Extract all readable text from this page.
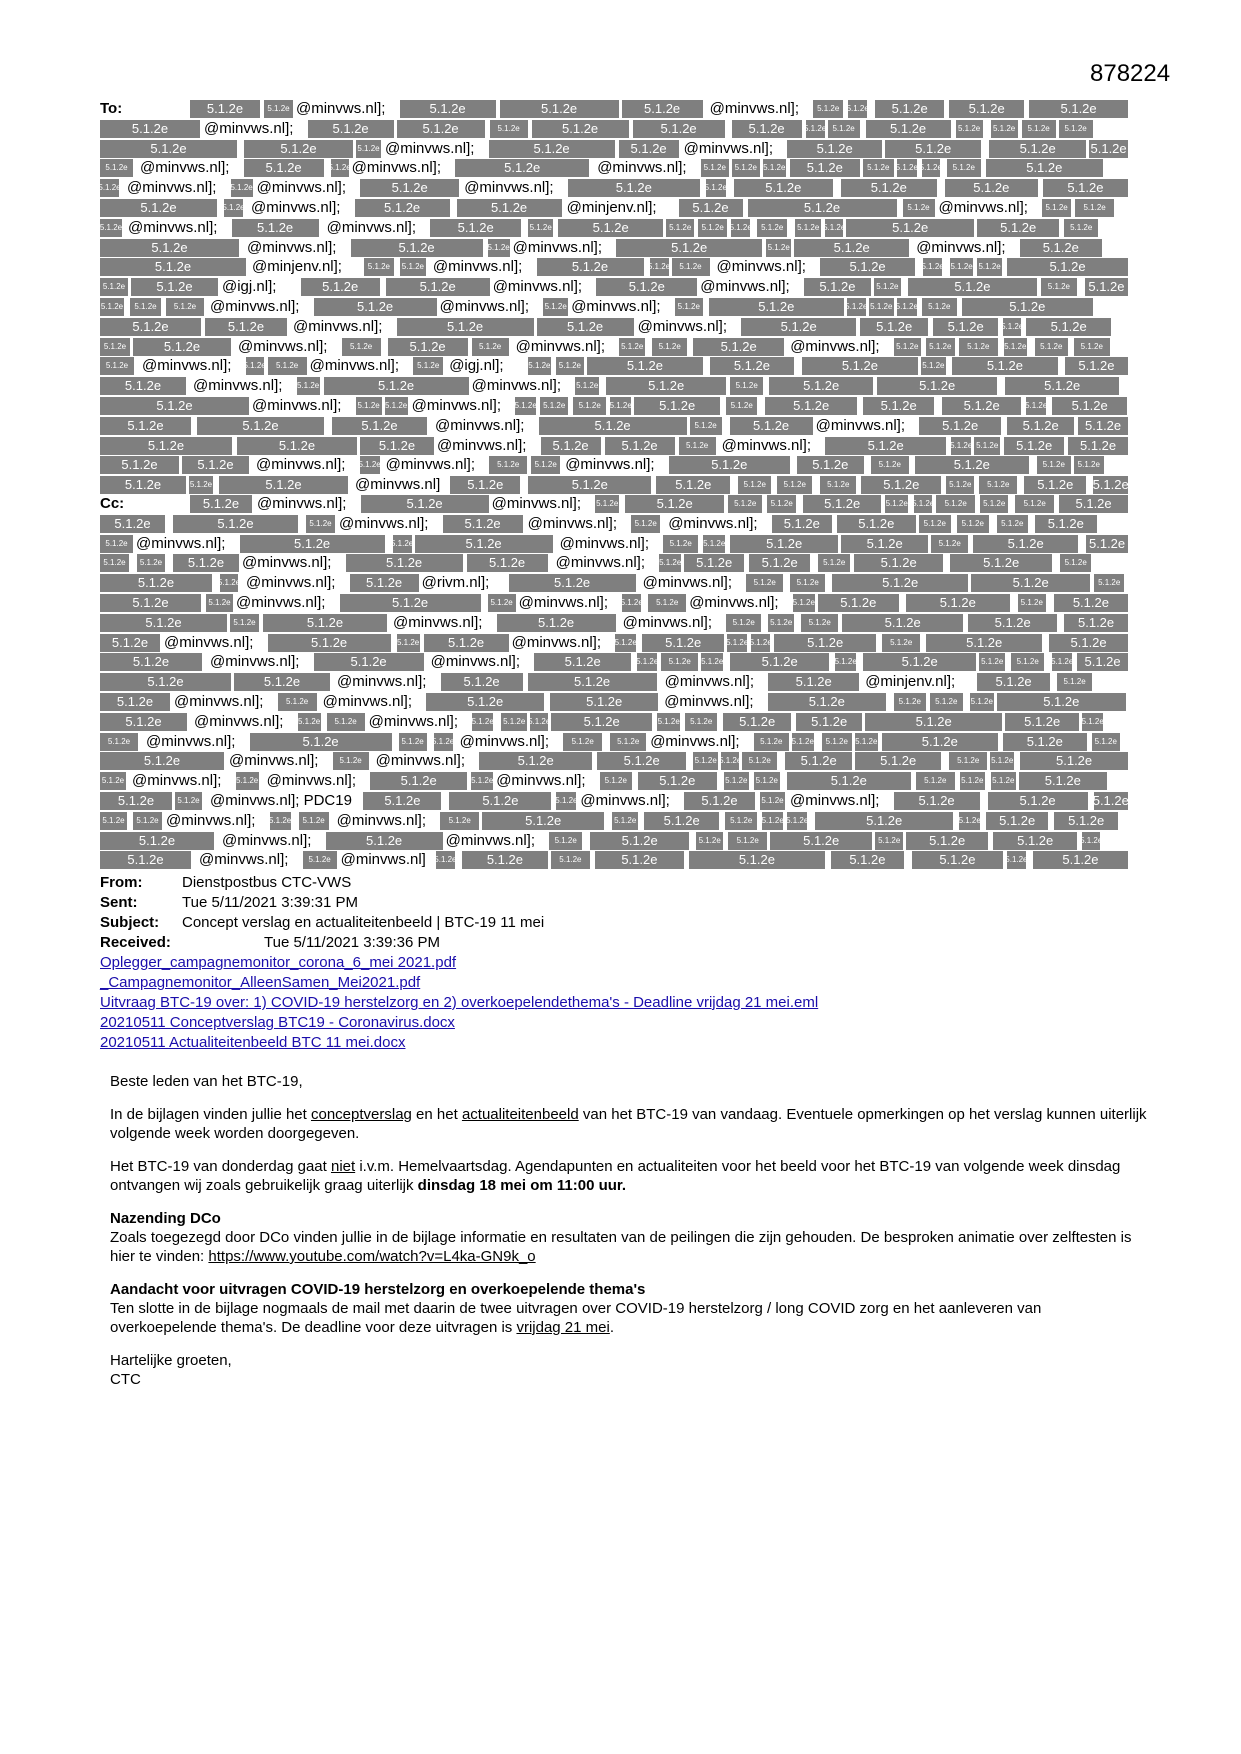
878224
5.1.2e	5.1.2e @minvws.nl];	5.1.2e	5.1.2e	5.1.2e	@minvws.nl];	5.1.2e 5.1.2e	5.1.2e	5.1.2e	5.1.2e
5.1.2e	@minvws.nl];	5.1.2e	5.1.2e	5.1.2e	5.1.2e	5.1.2e	5.1.2e	5.1.2e 5.1.2e	5.1.2e	5.1.2e 5.1.2e	5.1.2e	5.1.2e
5.1.2e	5.1.2e	5.1.2e @minvws.nl];	5.1.2e	5.1.2e	@minvws.nl];	5.1.2e	5.1.2e	5.1.2e	5.1.2e
5.1.2e @minvws.nl];	5.1.2e	5.1.2e @minvws.nl];	5.1.2e	@minvws.nl];	5.1.2e	5.1.2e 5.1.2e	5.1.2e	5.1.2e 5.1.2e 5.1.2e	5.1.2e	5.1.2e
5.1.2e @minvws.nl]; 5.1.2e @minvws.nl];	5.1.2e	@minvws.nl];	5.1.2e	5.1.2e	5.1.2e	5.1.2e	5.1.2e	5.1.2e
5.1.2e	5.1.2e @minvws.nl];	5.1.2e	5.1.2e	@minjenv.nl];	5.1.2e	5.1.2e	5.1.2e @minvws.nl];	5.1.2e	5.1.2e
5.1.2e @minvws.nl];	5.1.2e	@minvws.nl];	5.1.2e	5.1.2e	5.1.2e	5.1.2e	5.1.2e 5.1.2e	5.1.2e	5.1.2e 5.1.2e	5.1.2e	5.1.2e	5.1.2e
5.1.2e	@minvws.nl];	5.1.2e	5.1.2e @minvws.nl];	5.1.2e	5.1.2e	5.1.2e	@minvws.nl];	5.1.2e
5.1.2e	@minjenv.nl];	5.1.2e	5.1.2e @minvws.nl];	5.1.2e	5.1.2e	5.1.2e @minvws.nl];	5.1.2e	5.1.2e 5.1.2e 5.1.2e	5.1.2e
5.1.2e	5.1.2e	@igj.nl];	5.1.2e	5.1.2e	@minvws.nl];	5.1.2e	@minvws.nl];	5.1.2e	5.1.2e	5.1.2e	5.1.2e	5.1.2e
5.1.2e	5.1.2e	5.1.2e @minvws.nl];	5.1.2e	@minvws.nl]; 5.1.2e @minvws.nl];	5.1.2e	5.1.2e	5.1.2e 5.1.2e 5.1.2e	5.1.2e	5.1.2e
5.1.2e	5.1.2e	@minvws.nl];	5.1.2e	5.1.2e	@minvws.nl];	5.1.2e	5.1.2e	5.1.2e	5.1.2e	5.1.2e
5.1.2e	5.1.2e	@minvws.nl];	5.1.2e	5.1.2e	5.1.2e @minvws.nl]; 5.1.2e	5.1.2e	5.1.2e	@minvws.nl]; 5.1.2e	5.1.2e	5.1.2e	5.1.2e	5.1.2e	5.1.2e
5.1.2e @minvws.nl]; 5.1.2e	5.1.2e @minvws.nl];	5.1.2e @igj.nl];	5.1.2e	5.1.2e	5.1.2e	5.1.2e	5.1.2e	5.1.2e	5.1.2e	5.1.2e
5.1.2e	@minvws.nl]; 5.1.2e	5.1.2e	@minvws.nl]; 5.1.2e	5.1.2e	5.1.2e	5.1.2e	5.1.2e	5.1.2e
5.1.2e	@minvws.nl]; 5.1.2e 5.1.2e @minvws.nl]; 5.1.2e 5.1.2e	5.1.2e	5.1.2e	5.1.2e	5.1.2e	5.1.2e	5.1.2e	5.1.2e	5.1.2e	5.1.2e
5.1.2e	5.1.2e	5.1.2e	@minvws.nl];	5.1.2e	5.1.2e	5.1.2e	@minvws.nl];	5.1.2e	5.1.2e	5.1.2e
5.1.2e	5.1.2e	5.1.2e	@minvws.nl];	5.1.2e	5.1.2e	5.1.2e @minvws.nl];	5.1.2e	5.1.2e 5.1.2e	5.1.2e	5.1.2e
5.1.2e	5.1.2e	@minvws.nl]; 5.1.2e @minvws.nl];	5.1.2e	5.1.2e @minvws.nl];	5.1.2e	5.1.2e	5.1.2e	5.1.2e	5.1.2e	5.1.2e
5.1.2e	5.1.2e	5.1.2e	@minvws.nl]	5.1.2e	5.1.2e	5.1.2e	5.1.2e	5.1.2e	5.1.2e	5.1.2e	5.1.2e	5.1.2e	5.1.2e	5.1.2e
5.1.2e	@minvws.nl];	5.1.2e	@minvws.nl]; 5.1.2e	5.1.2e	5.1.2e	5.1.2e	5.1.2e	5.1.2e 5.1.2e	5.1.2e	5.1.2e	5.1.2e	5.1.2e
5.1.2e	5.1.2e	5.1.2e @minvws.nl];	5.1.2e	@minvws.nl];	5.1.2e @minvws.nl];	5.1.2e	5.1.2e	5.1.2e	5.1.2e	5.1.2e	5.1.2e
5.1.2e @minvws.nl];	5.1.2e	5.1.2e	5.1.2e	@minvws.nl];	5.1.2e	5.1.2e	5.1.2e	5.1.2e	5.1.2e	5.1.2e	5.1.2e
5.1.2e	5.1.2e	5.1.2e	@minvws.nl];	5.1.2e	5.1.2e	@minvws.nl]; 5.1.2e	5.1.2e	5.1.2e	5.1.2e	5.1.2e	5.1.2e	5.1.2e
5.1.2e	5.1.2e @minvws.nl];	5.1.2e	@rivm.nl];	5.1.2e	@minvws.nl];	5.1.2e	5.1.2e	5.1.2e	5.1.2e	5.1.2e
5.1.2e	5.1.2e @minvws.nl];	5.1.2e	5.1.2e @minvws.nl]; 5.1.2e	5.1.2e @minvws.nl]; 5.1.2e	5.1.2e	5.1.2e	5.1.2e	5.1.2e
5.1.2e	5.1.2e	5.1.2e	@minvws.nl];	5.1.2e	@minvws.nl];	5.1.2e	5.1.2e	5.1.2e	5.1.2e	5.1.2e	5.1.2e
5.1.2e	@minvws.nl];	5.1.2e	5.1.2e	5.1.2e	@minvws.nl]; 5.1.2e	5.1.2e	5.1.2e 5.1.2e	5.1.2e	5.1.2e	5.1.2e	5.1.2e
5.1.2e	@minvws.nl];	5.1.2e	@minvws.nl];	5.1.2e	5.1.2e	5.1.2e	5.1.2e	5.1.2e	5.1.2e	5.1.2e	5.1.2e	5.1.2e	5.1.2e 5.1.2e
5.1.2e	5.1.2e	@minvws.nl];	5.1.2e	5.1.2e	@minvws.nl];	5.1.2e	@minjenv.nl];	5.1.2e	5.1.2e
5.1.2e	@minvws.nl];	5.1.2e @minvws.nl];	5.1.2e	5.1.2e	@minvws.nl];	5.1.2e	5.1.2e	5.1.2e	5.1.2e	5.1.2e
5.1.2e	@minvws.nl]; 5.1.2e	5.1.2e @minvws.nl]; 5.1.2e 5.1.2e 5.1.2e	5.1.2e	5.1.2e	5.1.2e	5.1.2e	5.1.2e	5.1.2e	5.1.2e	5.1.2e
5.1.2e	@minvws.nl];	5.1.2e	5.1.2e	5.1.2e @minvws.nl];	5.1.2e	5.1.2e @minvws.nl];	5.1.2e	5.1.2e	5.1.2e 5.1.2e	5.1.2e	5.1.2e	5.1.2e
5.1.2e	@minvws.nl];	5.1.2e @minvws.nl];	5.1.2e	5.1.2e	5.1.2e 5.1.2e 5.1.2e	5.1.2e	5.1.2e	5.1.2e	5.1.2e	5.1.2e
5.1.2e @minvws.nl]; 5.1.2e @minvws.nl];	5.1.2e	5.1.2e @minvws.nl];	5.1.2e	5.1.2e	5.1.2e 5.1.2e	5.1.2e	5.1.2e	5.1.2e 5.1.2e	5.1.2e
5.1.2e	5.1.2e @minvws.nl]; PDC19	5.1.2e	5.1.2e	5.1.2e @minvws.nl];	5.1.2e	5.1.2e @minvws.nl];	5.1.2e	5.1.2e	5.1.2e
5.1.2e	5.1.2e @minvws.nl]; 5.1.2e	5.1.2e @minvws.nl];	5.1.2e	5.1.2e	5.1.2e	5.1.2e	5.1.2e	5.1.2e 5.1.2e	5.1.2e	5.1.2e	5.1.2e	5.1.2e
5.1.2e	@minvws.nl];	5.1.2e	@minvws.nl];	5.1.2e	5.1.2e	5.1.2e	5.1.2e	5.1.2e	5.1.2e	5.1.2e	5.1.2e	5.1.2e
5.1.2e	@minvws.nl];	5.1.2e @minvws.nl] 5.1.2e	5.1.2e	5.1.2e	5.1.2e	5.1.2e	5.1.2e	5.1.2e	5.1.2e	5.1.2e
To:
Cc:
From:	Dienstpostbus CTC-VWS
Sent:	Tue 5/11/2021 3:39:31 PM
Subject: Concept verslag en actualiteitenbeeld | BTC-19 11 mei
Received:	Tue 5/11/2021 3:39:36 PM
Oplegger_campagnemonitor_corona_6_mei 2021.pdf
_Campagnemonitor_AlleenSamen_Mei2021.pdf
Uitvraag BTC-19 over: 1) COVID-19 herstelzorg en 2) overkoepelendethema's - Deadline vrijdag 21 mei.eml
20210511 Conceptverslag BTC19 - Coronavirus.docx
20210511 Actualiteitenbeeld BTC 11 mei.docx

Beste leden van het BTC-19,

In de bijlagen vinden jullie het conceptverslag en het actualiteitenbeeld van het BTC-19 van vandaag. Eventuele opmerkingen op het verslag kunnen uiterlijk volgende week worden doorgegeven.

Het BTC-19 van donderdag gaat niet i.v.m. Hemelvaartsdag. Agendapunten en actualiteiten voor het beeld voor het BTC-19 van volgende week dinsdag ontvangen wij zoals gebruikelijk graag uiterlijk dinsdag 18 mei om 11:00 uur.

Nazending DCo
Zoals toegezegd door DCo vinden jullie in de bijlage informatie en resultaten van de peilingen die zijn gehouden. De besproken animatie over zelftesten is hier te vinden: https://www.youtube.com/watch?v=L4ka-GN9k_o

Aandacht voor uitvragen COVID-19 herstelzorg en overkoepelende thema's
Ten slotte in de bijlage nogmaals de mail met daarin de twee uitvragen over COVID-19 herstelzorg / long COVID zorg en het aanleveren van overkoepelende thema's. De deadline voor deze uitvragen is vrijdag 21 mei.

Hartelijke groeten,
CTC
